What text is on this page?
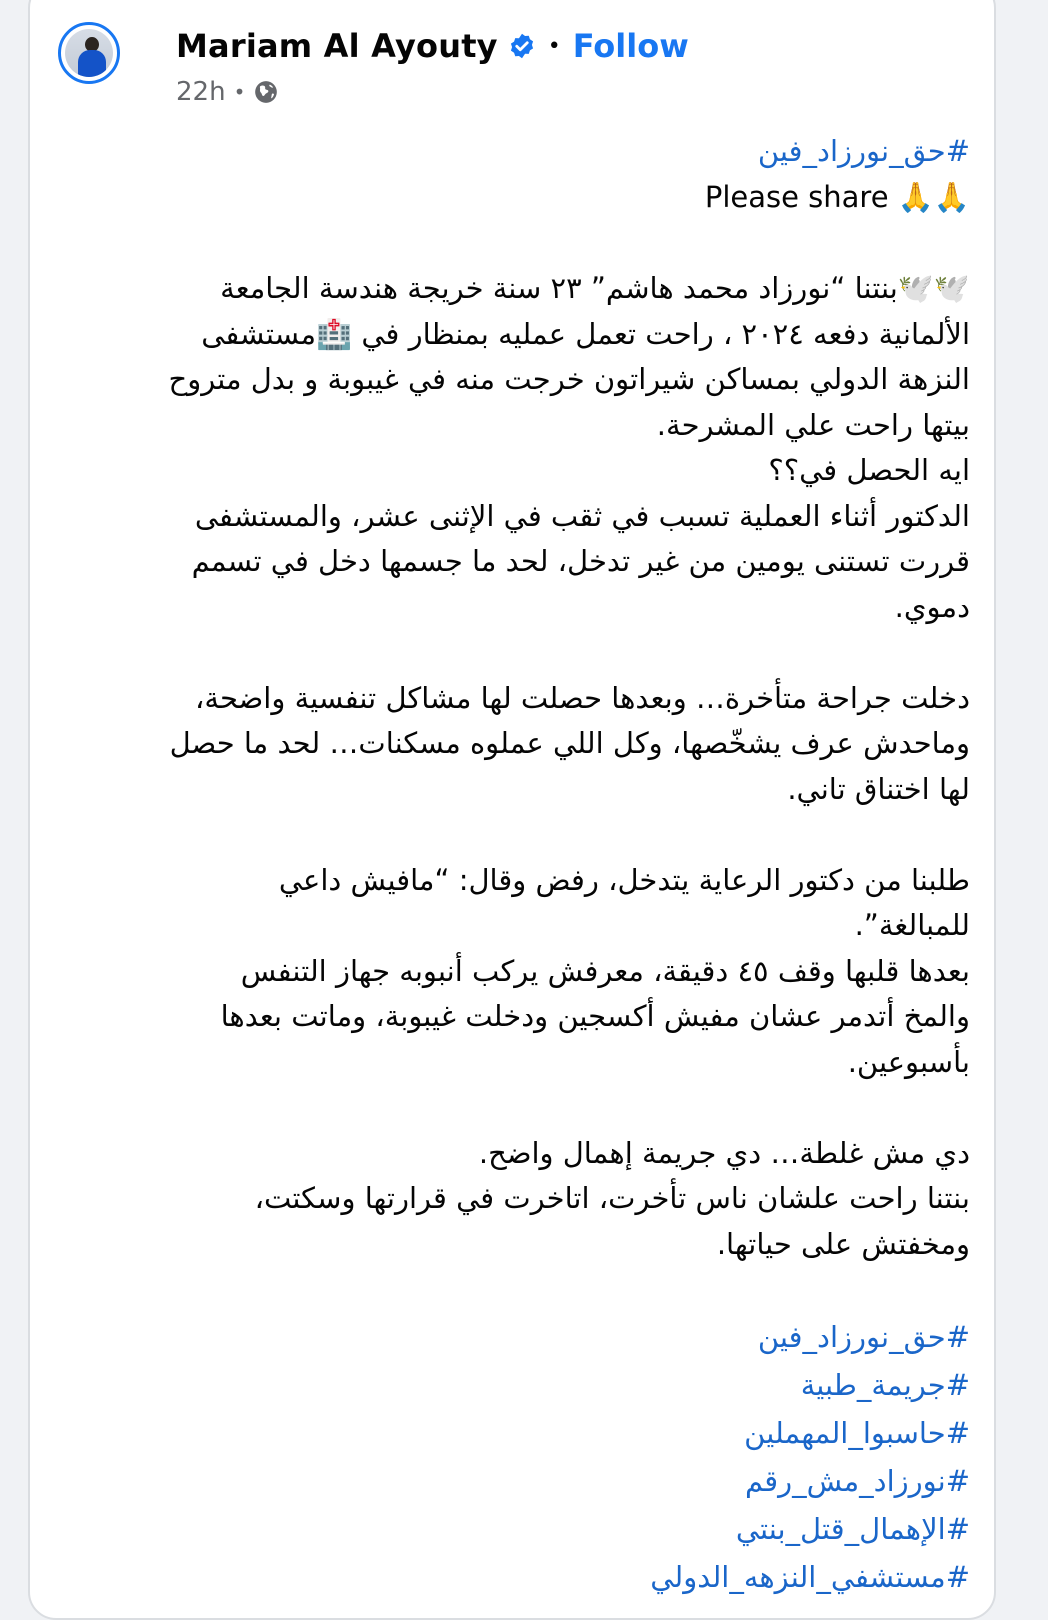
Mariam Al Ayouty • Follow
22h •
#حق_نورزاد_فين
Please share 🙏🙏
🕊️🕊️بنتنا “نورزاد محمد هاشم” ٢٣ سنة خريجة هندسة الجامعة
الألمانية دفعه ٢٠٢٤ ، راحت تعمل عمليه بمنظار في 🏥مستشفى
النزهة الدولي بمساكن شيراتون خرجت منه في غيبوبة و بدل متروح
بيتها راحت علي المشرحة.
ايه الحصل في؟؟
الدكتور أثناء العملية تسبب في ثقب في الإثنى عشر، والمستشفى
قررت تستنى يومين من غير تدخل، لحد ما جسمها دخل في تسمم
دموي.
دخلت جراحة متأخرة… وبعدها حصلت لها مشاكل تنفسية واضحة،
وماحدش عرف يشخّصها، وكل اللي عملوه مسكنات… لحد ما حصل
لها اختناق تاني.
طلبنا من دكتور الرعاية يتدخل، رفض وقال: “مافيش داعي
للمبالغة”.
بعدها قلبها وقف ٤٥ دقيقة، معرفش يركب أنبوبه جهاز التنفس
والمخ أتدمر عشان مفيش أكسجين ودخلت غيبوبة، وماتت بعدها
بأسبوعين.
دي مش غلطة… دي جريمة إهمال واضح.
بنتنا راحت علشان ناس تأخرت، اتاخرت في قرارتها وسكتت،
ومخفتش على حياتها.
#حق_نورزاد_فين
#جريمة_طبية
#حاسبوا_المهملين
#نورزاد_مش_رقم
#الإهمال_قتل_بنتي
#مستشفي_النزهه_الدولي
